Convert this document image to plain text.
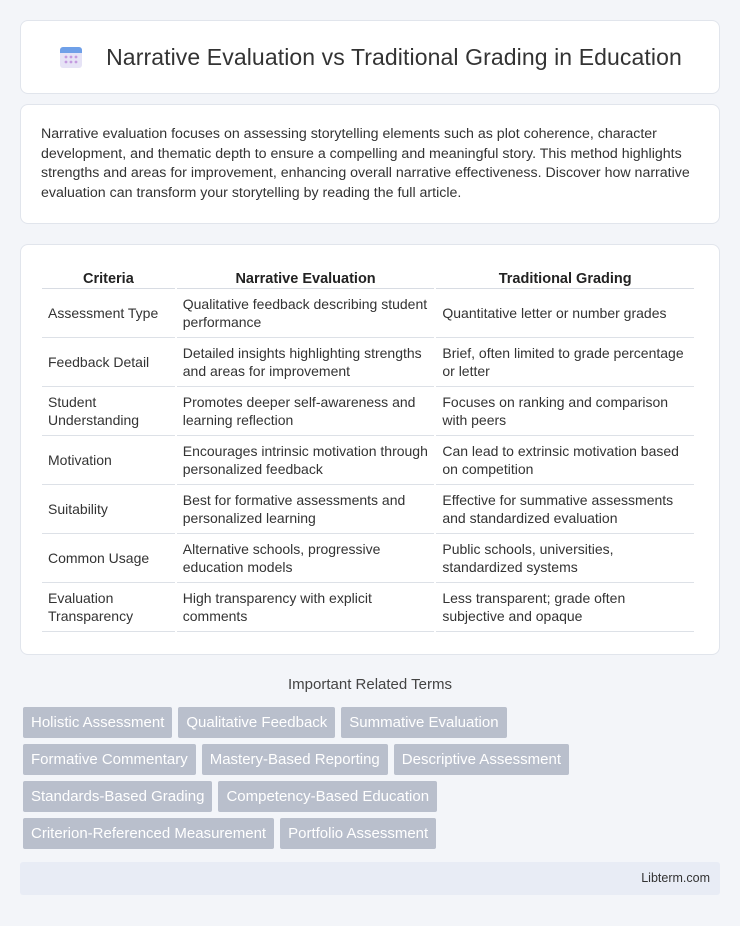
Narrative Evaluation vs Traditional Grading in Education

Narrative evaluation focuses on assessing storytelling elements such as plot coherence, character development, and thematic depth to ensure a compelling and meaningful story. This method highlights strengths and areas for improvement, enhancing overall narrative effectiveness. Discover how narrative evaluation can transform your storytelling by reading the full article.

Criteria	Narrative Evaluation	Traditional Grading
Assessment Type	Qualitative feedback describing student performance	Quantitative letter or number grades
Feedback Detail	Detailed insights highlighting strengths and areas for improvement	Brief, often limited to grade percentage or letter
Student Understanding	Promotes deeper self-awareness and learning reflection	Focuses on ranking and comparison with peers
Motivation	Encourages intrinsic motivation through personalized feedback	Can lead to extrinsic motivation based on competition
Suitability	Best for formative assessments and personalized learning	Effective for summative assessments and standardized evaluation
Common Usage	Alternative schools, progressive education models	Public schools, universities, standardized systems
Evaluation Transparency	High transparency with explicit comments	Less transparent; grade often subjective and opaque
Important Related Terms
Holistic Assessment	Qualitative Feedback	Summative Evaluation
Formative Commentary	Mastery-Based Reporting	Descriptive Assessment
Standards-Based Grading	Competency-Based Education
Criterion-Referenced Measurement	Portfolio Assessment
Libterm.com
